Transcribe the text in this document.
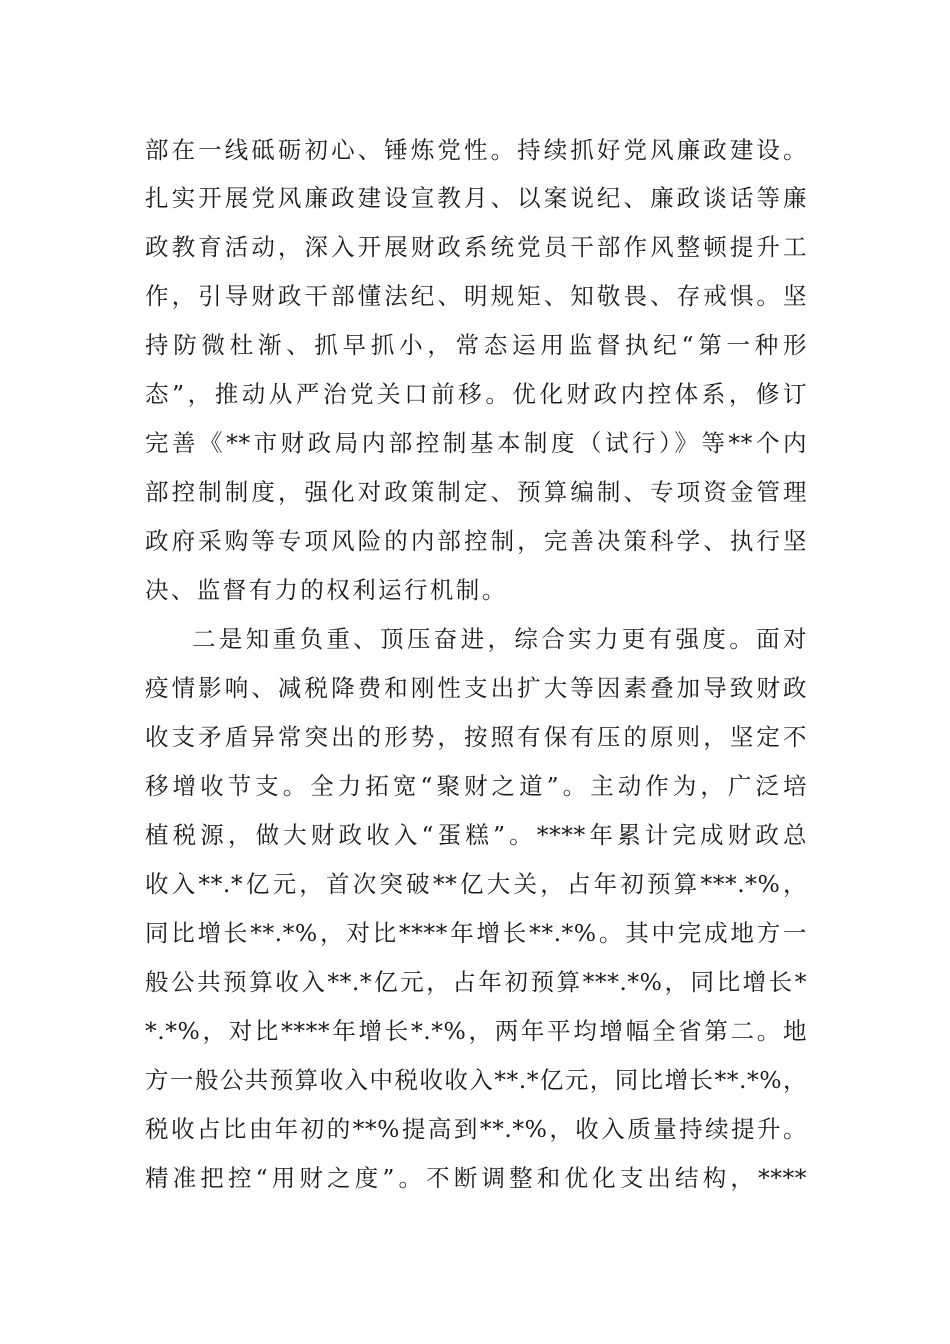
部在一线砥砺初心、锤炼党性。持续抓好党风廉政建设。
扎实开展党风廉政建设宣教月、以案说纪、廉政谈话等廉
政教育活动，深入开展财政系统党员干部作风整顿提升工
作，引导财政干部懂法纪、明规矩、知敬畏、存戒惧。坚
持防微杜渐、抓早抓小，常态运用监督执纪“第一种形
态”，推动从严治党关口前移。优化财政内控体系，修订
完善《**市财政局内部控制基本制度（试行）》等**个内
部控制制度，强化对政策制定、预算编制、专项资金管理
政府采购等专项风险的内部控制，完善决策科学、执行坚
决、监督有力的权利运行机制。
二是知重负重、顶压奋进，综合实力更有强度。面对
疫情影响、减税降费和刚性支出扩大等因素叠加导致财政
收支矛盾异常突出的形势，按照有保有压的原则，坚定不
移增收节支。全力拓宽“聚财之道”。主动作为，广泛培
植税源，做大财政收入“蛋糕”。****年累计完成财政总
收入**.*亿元，首次突破**亿大关，占年初预算***.*%，
同比增长**.*%，对比****年增长**.*%。其中完成地方一
般公共预算收入**.*亿元，占年初预算***.*%，同比增长*
*.*%，对比****年增长*.*%，两年平均增幅全省第二。地
方一般公共预算收入中税收收入**.*亿元，同比增长**.*%，
税收占比由年初的**%提高到**.*%，收入质量持续提升。
精准把控“用财之度”。不断调整和优化支出结构，****
